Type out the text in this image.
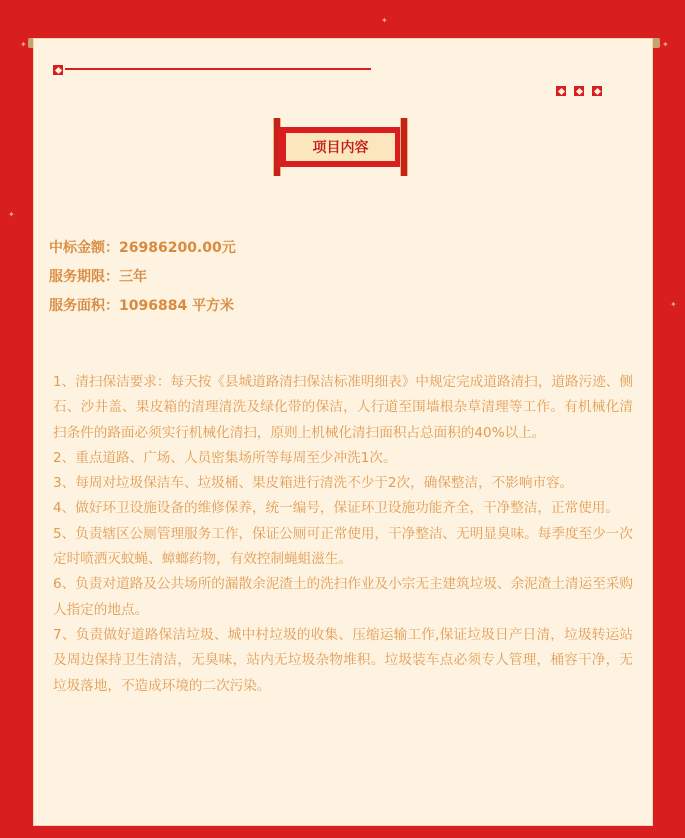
✦
✦
✦
✦
✦
项目内容
中标金额：26986200.00元
服务期限：三年
服务面积：1096884 平方米

1、清扫保洁要求：每天按《县城道路清扫保洁标准明细表》中规定完成道路清扫，道路污迹、侧石、沙井盖、果皮箱的清理清洗及绿化带的保洁，人行道至围墙根杂草清理等工作。有机械化清扫条件的路面必须实行机械化清扫，原则上机械化清扫面积占总面积的40%以上。

2、重点道路、广场、人员密集场所等每周至少冲洗1次。

3、每周对垃圾保洁车、垃圾桶、果皮箱进行清洗不少于2次，确保整洁，不影响市容。

4、做好环卫设施设备的维修保养，统一编号，保证环卫设施功能齐全，干净整洁，正常使用。

5、负责辖区公厕管理服务工作，保证公厕可正常使用，干净整洁、无明显臭味。每季度至少一次定时喷洒灭蚊蝇、蟑螂药物，有效控制蝇蛆滋生。

6、负责对道路及公共场所的漏散余泥渣土的洗扫作业及小宗无主建筑垃圾、余泥渣土清运至采购人指定的地点。

7、负责做好道路保洁垃圾、城中村垃圾的收集、压缩运输工作,保证垃圾日产日清，垃圾转运站及周边保持卫生清洁，无臭味，站内无垃圾杂物堆积。垃圾装车点必须专人管理，桶容干净，无垃圾落地，不造成环境的二次污染。
